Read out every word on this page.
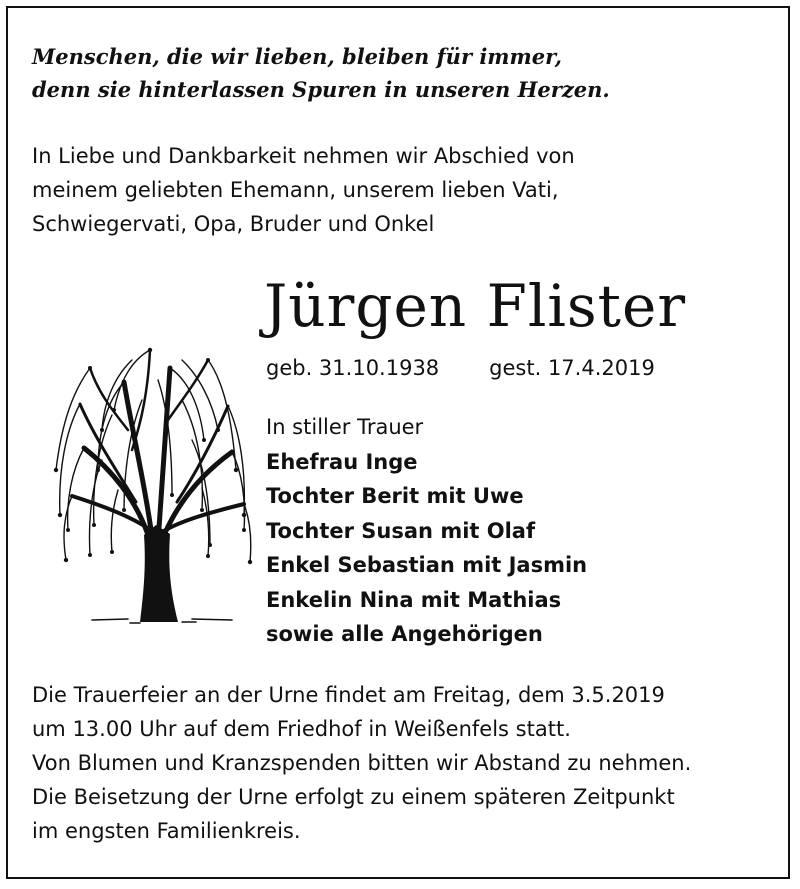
Menschen, die wir lieben, bleiben für immer,
denn sie hinterlassen Spuren in unseren Herzen.
In Liebe und Dankbarkeit nehmen wir Abschied von
meinem geliebten Ehemann, unserem lieben Vati,
Schwiegervati, Opa, Bruder und Onkel
Jürgen Flister
geb. 31.10.1938 gest. 17.4.2019
In stiller Trauer
Ehefrau Inge
Tochter Berit mit Uwe
Tochter Susan mit Olaf
Enkel Sebastian mit Jasmin
Enkelin Nina mit Mathias
sowie alle Angehörigen
Die Trauerfeier an der Urne findet am Freitag, dem 3.5.2019
um 13.00 Uhr auf dem Friedhof in Weißenfels statt.
Von Blumen und Kranzspenden bitten wir Abstand zu nehmen.
Die Beisetzung der Urne erfolgt zu einem späteren Zeitpunkt
im engsten Familienkreis.
